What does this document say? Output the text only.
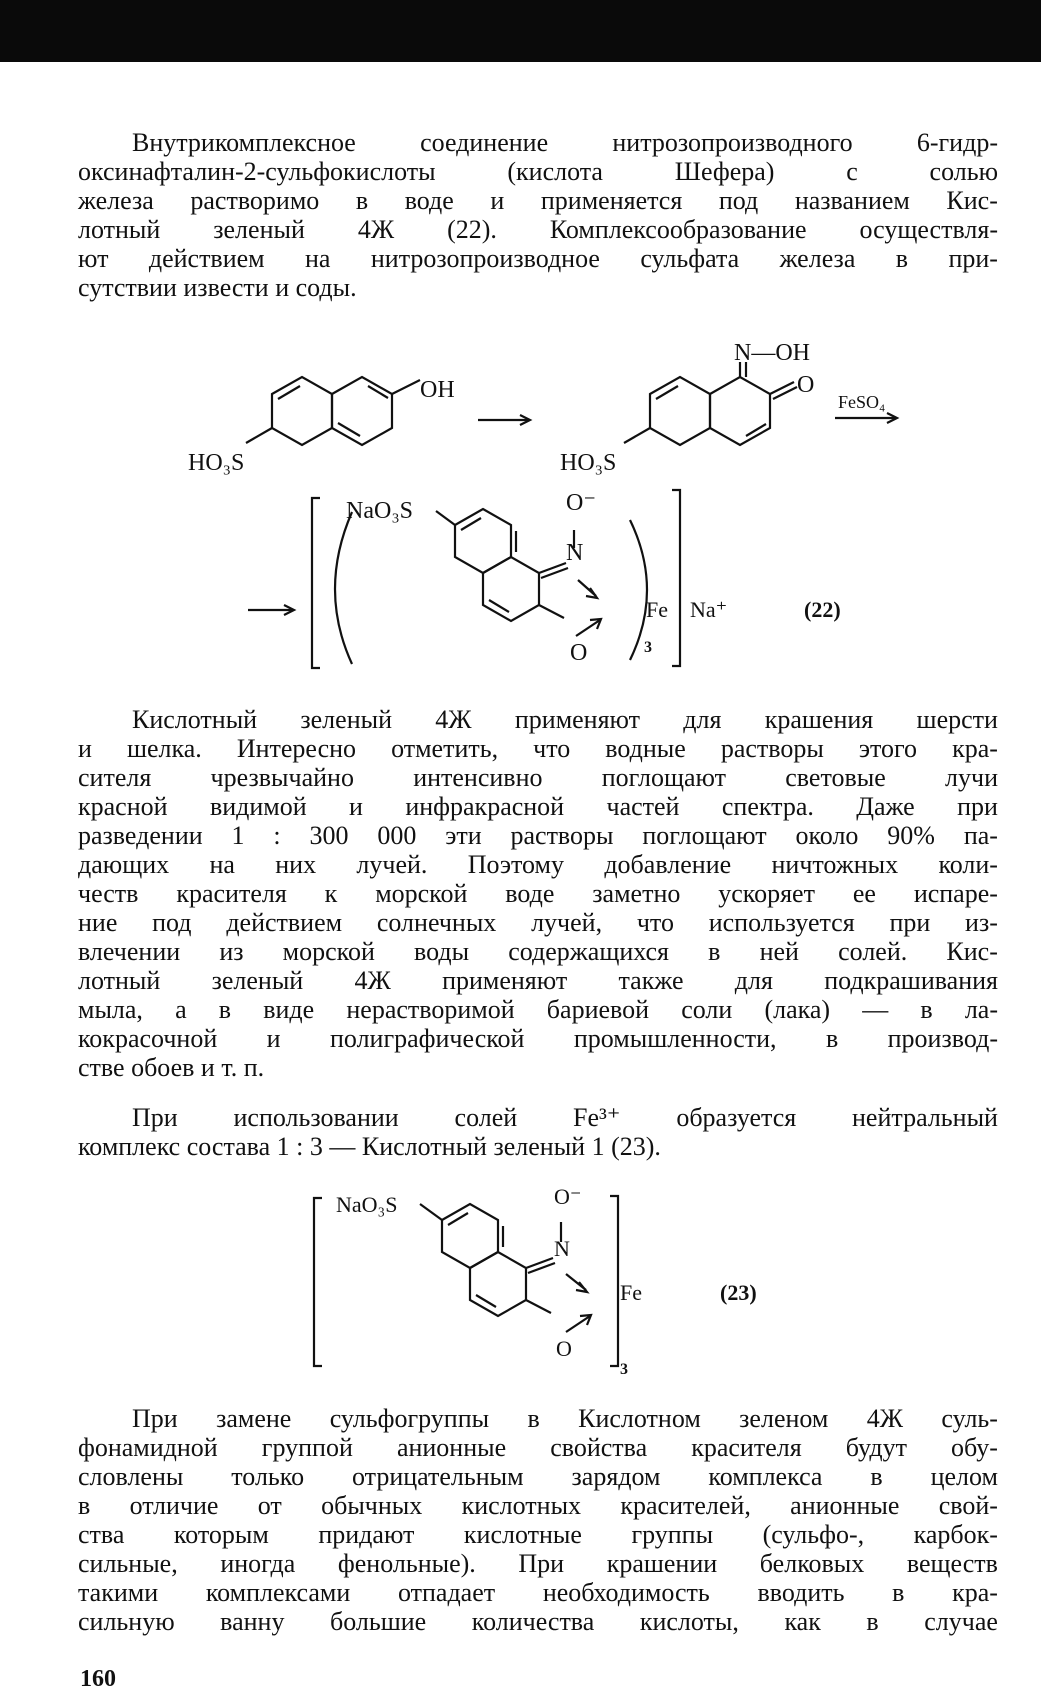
Внутрикомплексное соединение нитрозопроизводного 6-гидр-
оксинафталин-2-сульфокислоты	(кислота	Шефера)	с	солью
железа растворимо в воде и применяется под названием Кис-
лотный зеленый 4Ж (22). Комплексообразование осуществля-
ют действием на нитрозопроизводное сульфата железа в при-
сутствии извести и соды.
OH
HO₃S
N—OH
O
HO₃S
FeSO₄
NaO₃S	O⁻
N
Fe
O	3
Na⁺	(22)
Кислотный зеленый 4Ж применяют для крашения шерсти
и шелка. Интересно отметить, что водные растворы этого кра-
сителя чрезвычайно интенсивно поглощают световые лучи
красной видимой и инфракрасной частей спектра. Даже при
разведении 1 : 300 000 эти растворы поглощают около 90% па-
дающих на них лучей. Поэтому добавление ничтожных коли-
честв красителя к морской воде заметно ускоряет ее испаре-
ние под действием солнечных лучей, что используется при из-
влечении из морской воды содержащихся в ней солей. Кис-
лотный зеленый 4Ж применяют также для подкрашивания
мыла, а в виде нерастворимой бариевой соли (лака) — в ла-
кокрасочной и полиграфической промышленности, в производ-
стве обоев и т. п.
При использовании солей Fe³⁺ образуется нейтральный
комплекс состава 1 : 3 — Кислотный зеленый 1 (23).
NaO₃S	O⁻
N
Fe
O
3
(23)
При замене сульфогруппы в Кислотном зеленом 4Ж суль-
фонамидной группой анионные свойства красителя будут обу-
словлены только отрицательным зарядом комплекса в целом
в отличие от обычных кислотных красителей, анионные свой-
ства которым придают кислотные группы (сульфо-, карбок-
сильные, иногда фенольные). При крашении белковых веществ
такими комплексами отпадает необходимость вводить в кра-
сильную ванну большие количества кислоты, как в случае
160
